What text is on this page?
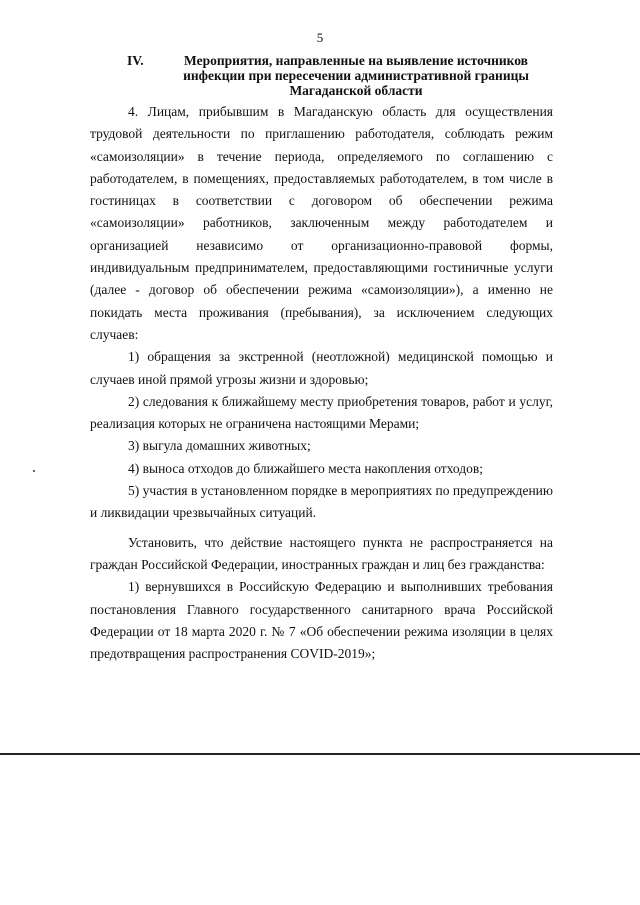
5
IV.	Мероприятия, направленные на выявление источников инфекции при пересечении административной границы Магаданской области

4. Лицам, прибывшим в Магаданскую область для осуществления трудовой деятельности по приглашению работодателя, соблюдать режим «самоизоляции» в течение периода, определяемого по соглашению с работодателем, в помещениях, предоставляемых работодателем, в том числе в гостиницах в соответствии с договором об обеспечении режима «самоизоляции» работников, заключенным между работодателем и организацией независимо от организационно-правовой формы, индивидуальным предпринимателем, предоставляющими гостиничные услуги (далее - договор об обеспечении режима «самоизоляции»), а именно не покидать места проживания (пребывания), за исключением следующих случаев:

1) обращения за экстренной (неотложной) медицинской помощью и случаев иной прямой угрозы жизни и здоровью;

2) следования к ближайшему месту приобретения товаров, работ и услуг, реализация которых не ограничена настоящими Мерами;

3) выгула домашних животных;

4) выноса отходов до ближайшего места накопления отходов;

5) участия в установленном порядке в мероприятиях по предупреждению и ликвидации чрезвычайных ситуаций.

Установить, что действие настоящего пункта не распространяется на граждан Российской Федерации, иностранных граждан и лиц без гражданства:

1) вернувшихся в Российскую Федерацию и выполнивших требования постановления Главного государственного санитарного врача Российской Федерации от 18 марта 2020 г. № 7 «Об обеспечении режима изоляции в целях предотвращения распространения COVID-2019»;
